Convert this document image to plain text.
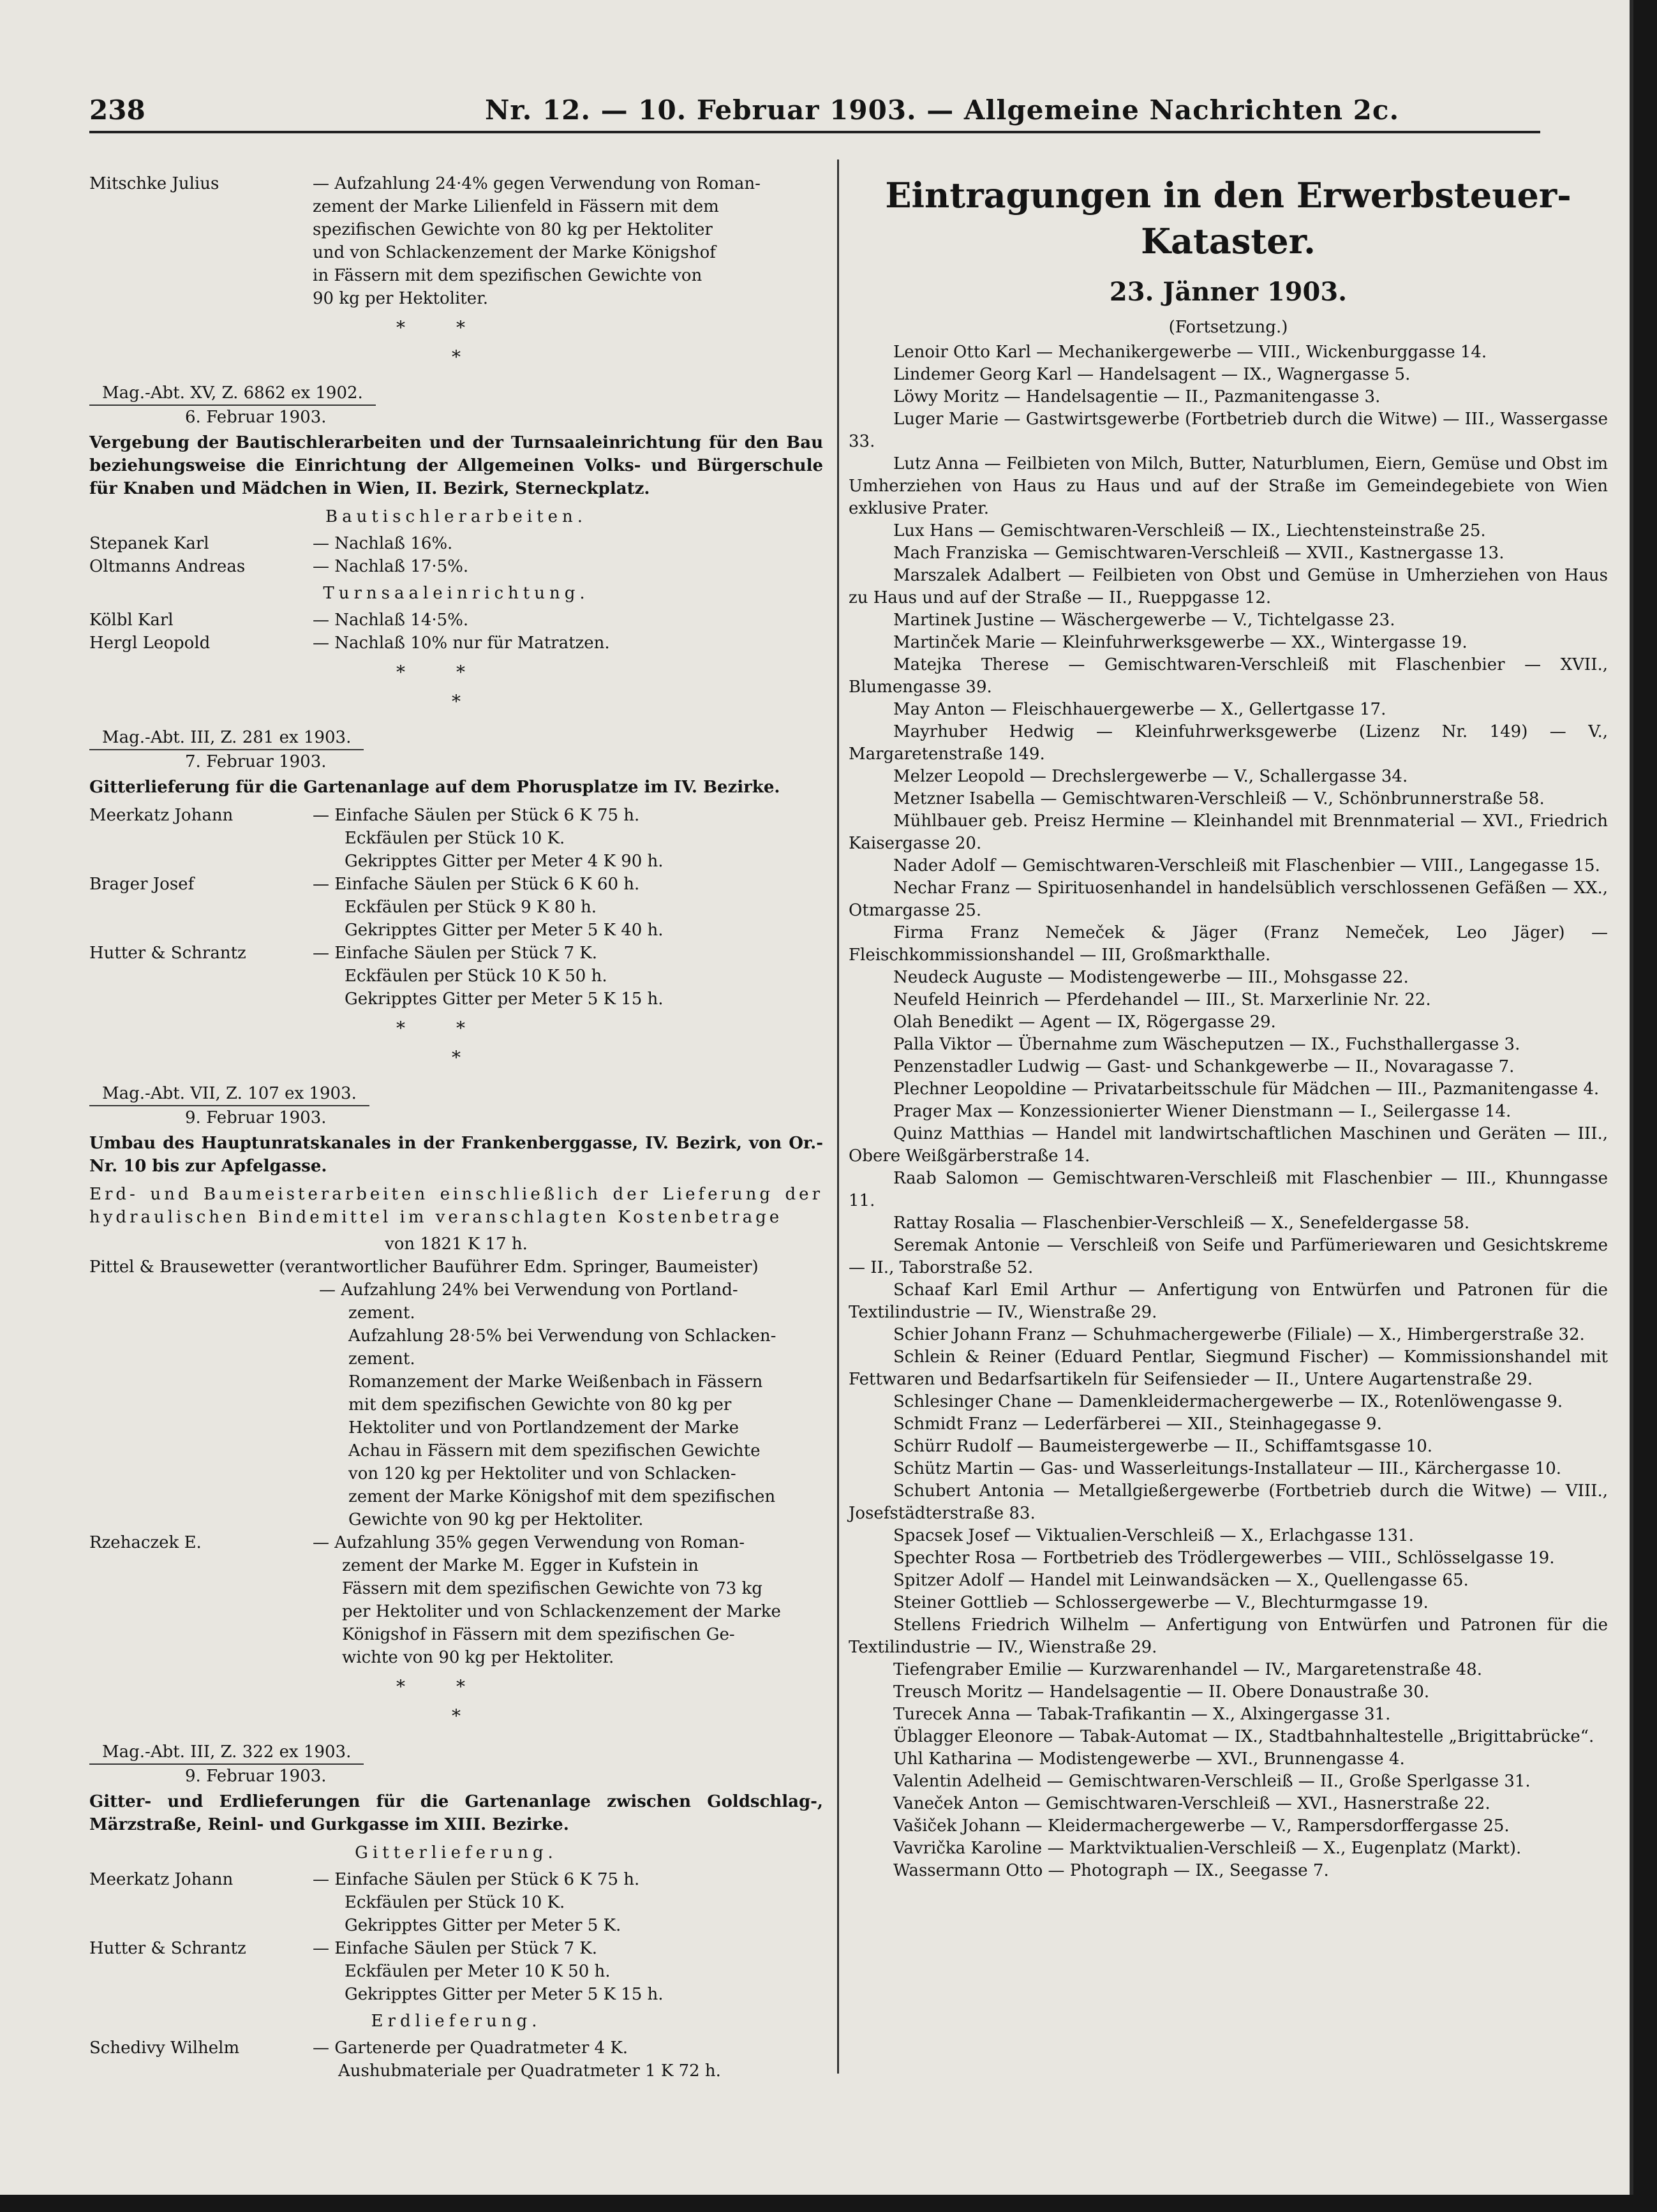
238	Nr. 12. — 10. Februar 1903. — Allgemeine Nachrichten 2c.
Mitschke Julius	— Aufzahlung 24·4% gegen Verwendung von Roman-
zement der Marke Lilienfeld in Fässern mit dem
spezifischen Gewichte von 80 kg per Hektoliter
und von Schlackenzement der Marke Königshof
in Fässern mit dem spezifischen Gewichte von
90 kg per Hektoliter.
*​*
*
Mag.-Abt. XV, Z. 6862 ex 1902.
6. Februar 1903.
Vergebung der Bautischlerarbeiten und der Turnsaaleinrichtung für den Bau beziehungsweise die Einrichtung der Allgemeinen Volks- und Bürgerschule für Knaben und Mädchen in Wien, II. Bezirk, Sterneckplatz.
Bautischlerarbeiten.
Stepanek Karl	— Nachlaß 16%.
Oltmanns Andreas	— Nachlaß 17·5%.
Turnsaaleinrichtung.
Kölbl Karl	— Nachlaß 14·5%.
Hergl Leopold	— Nachlaß 10% nur für Matratzen.
*​*
*
Mag.-Abt. III, Z. 281 ex 1903.
7. Februar 1903.
Gitterlieferung für die Gartenanlage auf dem Phorusplatze im IV. Bezirke.
Meerkatz Johann	— Einfache Säulen per Stück 6 K 75 h.
Eckfäulen per Stück 10 K.
Gekripptes Gitter per Meter 4 K 90 h.
Brager Josef	— Einfache Säulen per Stück 6 K 60 h.
Eckfäulen per Stück 9 K 80 h.
Gekripptes Gitter per Meter 5 K 40 h.
Hutter & Schrantz	— Einfache Säulen per Stück 7 K.
Eckfäulen per Stück 10 K 50 h.
Gekripptes Gitter per Meter 5 K 15 h.
*​*
*
Mag.-Abt. VII, Z. 107 ex 1903.
9. Februar 1903.
Umbau des Hauptunratskanales in der Frankenberggasse, IV. Bezirk, von Or.-Nr. 10 bis zur Apfelgasse.
Erd- und Baumeisterarbeiten einschließlich der Lieferung der hydraulischen Bindemittel im veranschlagten Kostenbetrage
von 1821 K 17 h.
Pittel & Brausewetter (verantwortlicher Bauführer Edm. Springer, Baumeister)
— Aufzahlung 24% bei Verwendung von Portland-
zement.
Aufzahlung 28·5% bei Verwendung von Schlacken-
zement.
Romanzement der Marke Weißenbach in Fässern
mit dem spezifischen Gewichte von 80 kg per
Hektoliter und von Portlandzement der Marke
Achau in Fässern mit dem spezifischen Gewichte
von 120 kg per Hektoliter und von Schlacken-
zement der Marke Königshof mit dem spezifischen
Gewichte von 90 kg per Hektoliter.
Rzehaczek E.	— Aufzahlung 35% gegen Verwendung von Roman-
zement der Marke M. Egger in Kufstein in
Fässern mit dem spezifischen Gewichte von 73 kg
per Hektoliter und von Schlackenzement der Marke
Königshof in Fässern mit dem spezifischen Ge-
wichte von 90 kg per Hektoliter.
*​*
*
Mag.-Abt. III, Z. 322 ex 1903.
9. Februar 1903.
Gitter- und Erdlieferungen für die Gartenanlage zwischen Goldschlag-, Märzstraße, Reinl- und Gurkgasse im XIII. Bezirke.
Gitterlieferung.
Meerkatz Johann	— Einfache Säulen per Stück 6 K 75 h.
Eckfäulen per Stück 10 K.
Gekripptes Gitter per Meter 5 K.
Hutter & Schrantz	— Einfache Säulen per Stück 7 K.
Eckfäulen per Meter 10 K 50 h.
Gekripptes Gitter per Meter 5 K 15 h.
Erdlieferung.
Schedivy Wilhelm	— Gartenerde per Quadratmeter 4 K.
Aushubmateriale per Quadratmeter 1 K 72 h.
Eintragungen in den Erwerbsteuer-Kataster.
23. Jänner 1903.
(Fortsetzung.)

Lenoir Otto Karl — Mechanikergewerbe — VIII., Wickenburggasse 14.

Lindemer Georg Karl — Handelsagent — IX., Wagnergasse 5.

Löwy Moritz — Handelsagentie — II., Pazmanitengasse 3.

Luger Marie — Gastwirtsgewerbe (Fortbetrieb durch die Witwe) — III., Wassergasse 33.

Lutz Anna — Feilbieten von Milch, Butter, Naturblumen, Eiern, Gemüse und Obst im Umherziehen von Haus zu Haus und auf der Straße im Gemeindegebiete von Wien exklusive Prater.

Lux Hans — Gemischtwaren-Verschleiß — IX., Liechtensteinstraße 25.

Mach Franziska — Gemischtwaren-Verschleiß — XVII., Kastnergasse 13.

Marszalek Adalbert — Feilbieten von Obst und Gemüse in Umherziehen von Haus zu Haus und auf der Straße — II., Rueppgasse 12.

Martinek Justine — Wäschergewerbe — V., Tichtelgasse 23.

Martinček Marie — Kleinfuhrwerksgewerbe — XX., Wintergasse 19.

Matejka Therese — Gemischtwaren-Verschleiß mit Flaschenbier — XVII., Blumengasse 39.

May Anton — Fleischhauergewerbe — X., Gellertgasse 17.

Mayrhuber Hedwig — Kleinfuhrwerksgewerbe (Lizenz Nr. 149) — V., Margaretenstraße 149.

Melzer Leopold — Drechslergewerbe — V., Schallergasse 34.

Metzner Isabella — Gemischtwaren-Verschleiß — V., Schönbrunnerstraße 58.

Mühlbauer geb. Preisz Hermine — Kleinhandel mit Brennmaterial — XVI., Friedrich Kaisergasse 20.

Nader Adolf — Gemischtwaren-Verschleiß mit Flaschenbier — VIII., Langegasse 15.

Nechar Franz — Spirituosenhandel in handelsüblich verschlossenen Gefäßen — XX., Otmargasse 25.

Firma Franz Nemeček & Jäger (Franz Nemeček, Leo Jäger) — Fleischkommissionshandel — III, Großmarkthalle.

Neudeck Auguste — Modistengewerbe — III., Mohsgasse 22.

Neufeld Heinrich — Pferdehandel — III., St. Marxerlinie Nr. 22.

Olah Benedikt — Agent — IX, Rögergasse 29.

Palla Viktor — Übernahme zum Wäscheputzen — IX., Fuchsthallergasse 3.

Penzenstadler Ludwig — Gast- und Schankgewerbe — II., Novaragasse 7.

Plechner Leopoldine — Privatarbeitsschule für Mädchen — III., Pazmanitengasse 4.

Prager Max — Konzessionierter Wiener Dienstmann — I., Seilergasse 14.

Quinz Matthias — Handel mit landwirtschaftlichen Maschinen und Geräten — III., Obere Weißgärberstraße 14.

Raab Salomon — Gemischtwaren-Verschleiß mit Flaschenbier — III., Khunngasse 11.

Rattay Rosalia — Flaschenbier-Verschleiß — X., Senefeldergasse 58.

Seremak Antonie — Verschleiß von Seife und Parfümeriewaren und Gesichtskreme — II., Taborstraße 52.

Schaaf Karl Emil Arthur — Anfertigung von Entwürfen und Patronen für die Textilindustrie — IV., Wienstraße 29.

Schier Johann Franz — Schuhmachergewerbe (Filiale) — X., Himbergerstraße 32.

Schlein & Reiner (Eduard Pentlar, Siegmund Fischer) — Kommissionshandel mit Fettwaren und Bedarfsartikeln für Seifensieder — II., Untere Augartenstraße 29.

Schlesinger Chane — Damenkleidermachergewerbe — IX., Rotenlöwengasse 9.

Schmidt Franz — Lederfärberei — XII., Steinhagegasse 9.

Schürr Rudolf — Baumeistergewerbe — II., Schiffamtsgasse 10.

Schütz Martin — Gas- und Wasserleitungs-Installateur — III., Kärchergasse 10.

Schubert Antonia — Metallgießergewerbe (Fortbetrieb durch die Witwe) — VIII., Josefstädterstraße 83.

Spacsek Josef — Viktualien-Verschleiß — X., Erlachgasse 131.

Spechter Rosa — Fortbetrieb des Trödlergewerbes — VIII., Schlösselgasse 19.

Spitzer Adolf — Handel mit Leinwandsäcken — X., Quellengasse 65.

Steiner Gottlieb — Schlossergewerbe — V., Blechturmgasse 19.

Stellens Friedrich Wilhelm — Anfertigung von Entwürfen und Patronen für die Textilindustrie — IV., Wienstraße 29.

Tiefengraber Emilie — Kurzwarenhandel — IV., Margaretenstraße 48.

Treusch Moritz — Handelsagentie — II. Obere Donaustraße 30.

Turecek Anna — Tabak-Trafikantin — X., Alxingergasse 31.

Üblagger Eleonore — Tabak-Automat — IX., Stadtbahnhaltestelle „Brigittabrücke“.

Uhl Katharina — Modistengewerbe — XVI., Brunnengasse 4.

Valentin Adelheid — Gemischtwaren-Verschleiß — II., Große Sperlgasse 31.

Vaneček Anton — Gemischtwaren-Verschleiß — XVI., Hasnerstraße 22.

Vašiček Johann — Kleidermachergewerbe — V., Rampersdorffergasse 25.

Vavrička Karoline — Marktviktualien-Verschleiß — X., Eugenplatz (Markt).

Wassermann Otto — Photograph — IX., Seegasse 7.
